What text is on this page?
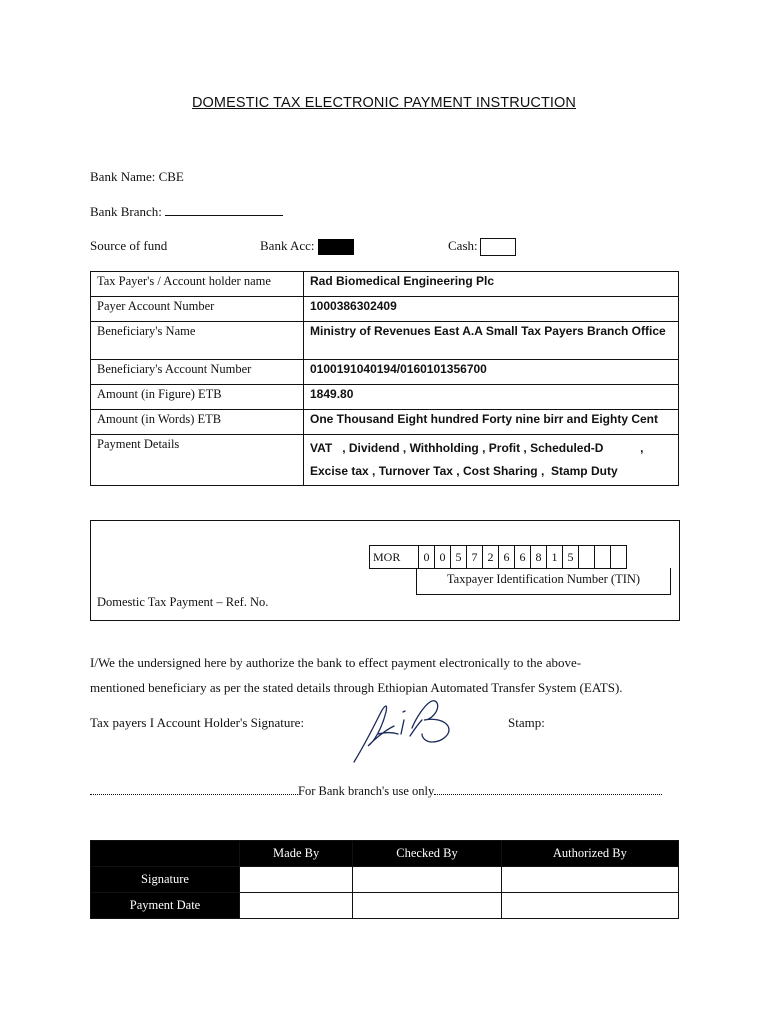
DOMESTIC TAX ELECTRONIC PAYMENT INSTRUCTION
Bank Name: CBE
Bank Branch:
Source of fund	Bank Acc:	Cash:
Tax Payer's / Account holder name	Rad Biomedical Engineering Plc
Payer Account Number	1000386302409
Beneficiary's Name	Ministry of Revenues East A.A Small Tax Payers Branch Office
Beneficiary's Account Number	0100191040194/0160101356700
Amount (in Figure) ETB	1849.80
Amount (in Words) ETB	One Thousand Eight hundred Forty nine birr and Eighty Cent
Payment Details	VAT   , Dividend , Withholding , Profit , Scheduled-D           ,
Excise tax , Turnover Tax , Cost Sharing ,  Stamp Duty
MOR	0	0	5	7	2	6	6	8	1	5			
Taxpayer Identification Number (TIN)
Domestic Tax Payment – Ref. No.
I/We the undersigned here by authorize the bank to effect payment electronically to the above-
mentioned beneficiary as per the stated details through Ethiopian Automated Transfer System (EATS).
Tax payers I Account Holder's Signature:	Stamp:
For Bank branch's use only
	Made By	Checked By	Authorized By
Signature			
Payment Date			
